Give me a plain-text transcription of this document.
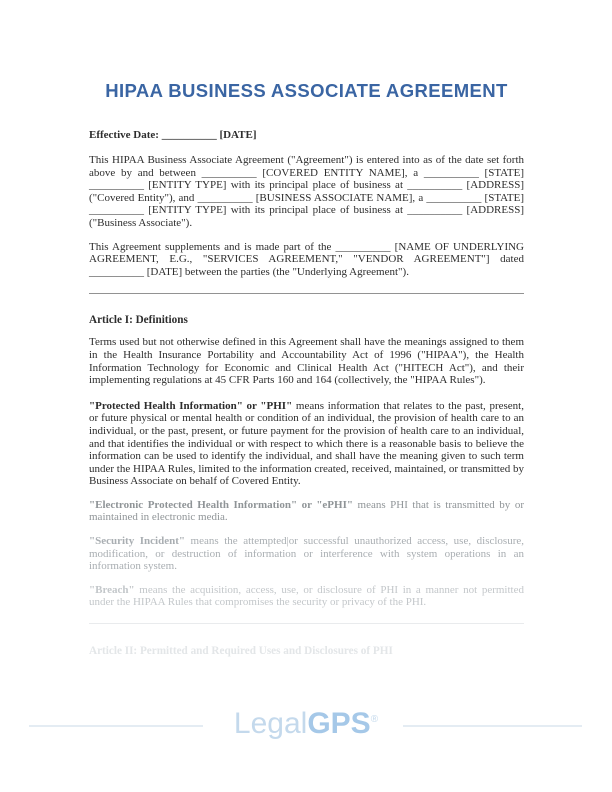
HIPAA BUSINESS ASSOCIATE AGREEMENT

Effective Date: __________ [DATE]

This HIPAA Business Associate Agreement ("Agreement") is entered into as of the date set forth above by and between __________ [COVERED ENTITY NAME], a __________ [STATE] __________ [ENTITY TYPE] with its principal place of business at __________ [ADDRESS] ("Covered Entity"), and __________ [BUSINESS ASSOCIATE NAME], a __________ [STATE] __________ [ENTITY TYPE] with its principal place of business at __________ [ADDRESS] ("Business Associate").

This Agreement supplements and is made part of the __________ [NAME OF UNDERLYING AGREEMENT, E.G., "SERVICES AGREEMENT," "VENDOR AGREEMENT"] dated __________ [DATE] between the parties (the "Underlying Agreement").

Article I: Definitions

Terms used but not otherwise defined in this Agreement shall have the meanings assigned to them in the Health Insurance Portability and Accountability Act of 1996 ("HIPAA"), the Health Information Technology for Economic and Clinical Health Act ("HITECH Act"), and their implementing regulations at 45 CFR Parts 160 and 164 (collectively, the "HIPAA Rules").

"Protected Health Information" or "PHI" means information that relates to the past, present, or future physical or mental health or condition of an individual, the provision of health care to an individual, or the past, present, or future payment for the provision of health care to an individual, and that identifies the individual or with respect to which there is a reasonable basis to believe the information can be used to identify the individual, and shall have the meaning given to such term under the HIPAA Rules, limited to the information created, received, maintained, or transmitted by Business Associate on behalf of Covered Entity.

"Electronic Protected Health Information" or "ePHI" means PHI that is transmitted by or maintained in electronic media.

"Security Incident" means the attempted|or successful unauthorized access, use, disclosure, modification, or destruction of information or interference with system operations in an information system.

"Breach" means the acquisition, access, use, or disclosure of PHI in a manner not permitted under the HIPAA Rules that compromises the security or privacy of the PHI.

Article II: Permitted and Required Uses and Disclosures of PHI
LegalGPS®
